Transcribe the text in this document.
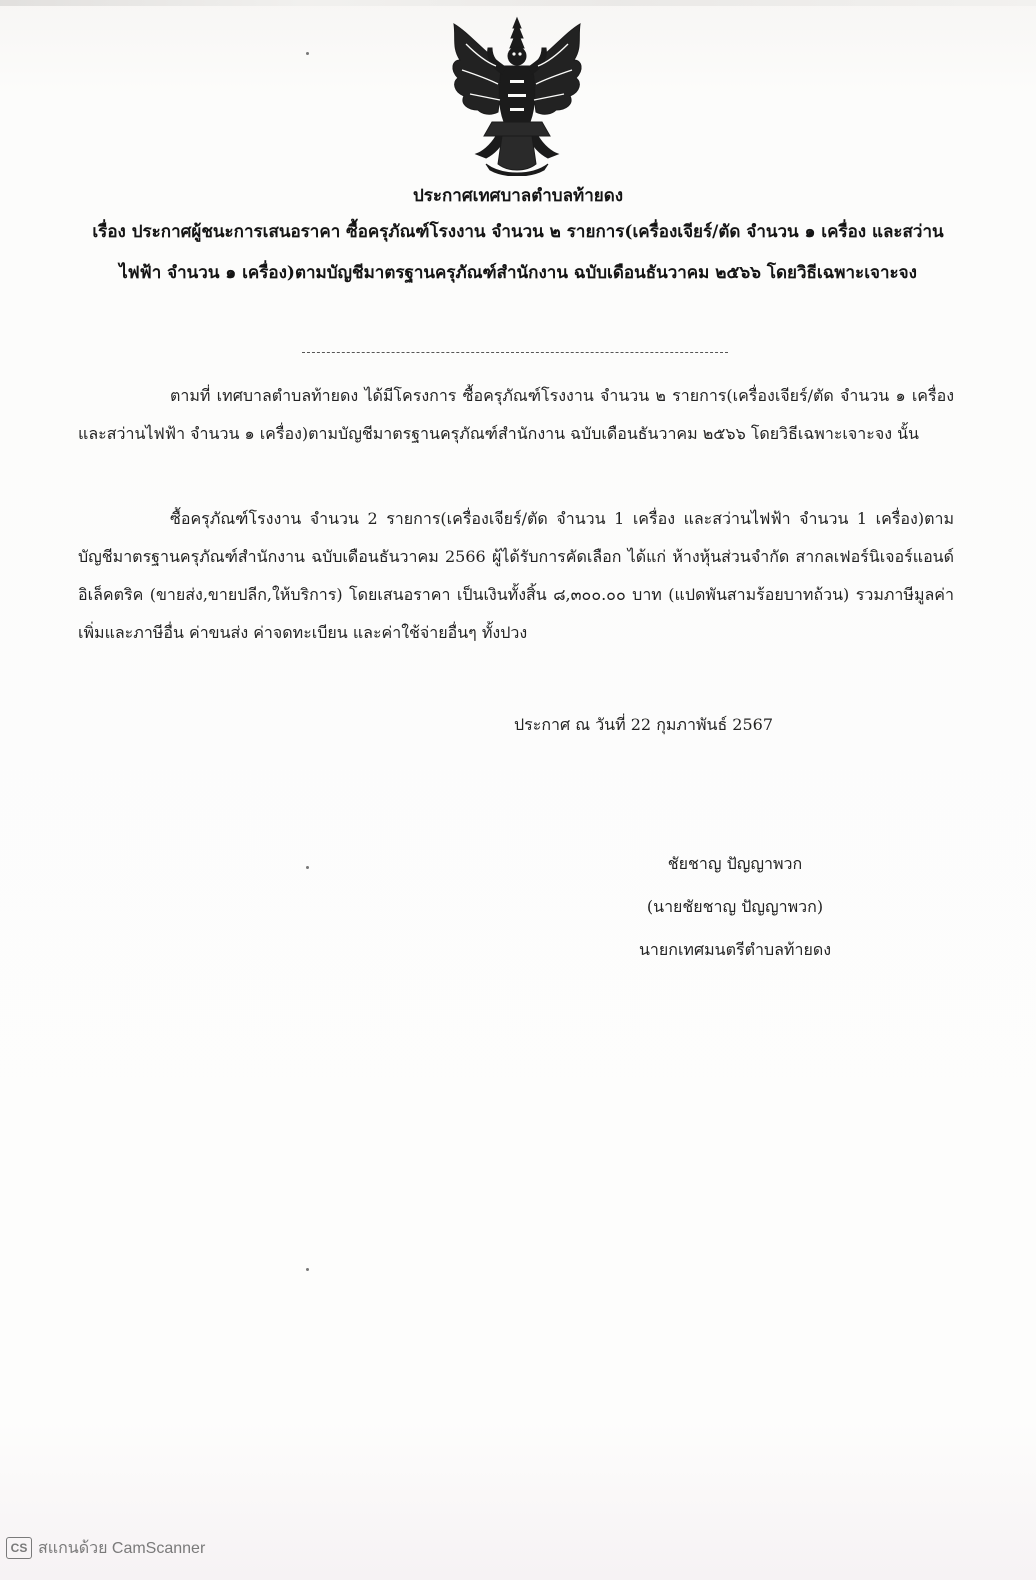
ประกาศเทศบาลตำบลท้ายดง
เรื่อง ประกาศผู้ชนะการเสนอราคา ซื้อครุภัณฑ์โรงงาน จำนวน ๒ รายการ(เครื่องเจียร์/ตัด จำนวน ๑ เครื่อง และสว่านไฟฟ้า จำนวน ๑ เครื่อง)ตามบัญชีมาตรฐานครุภัณฑ์สำนักงาน ฉบับเดือนธันวาคม ๒๕๖๖ โดยวิธีเฉพาะเจาะจง
ตามที่ เทศบาลตำบลท้ายดง ได้มีโครงการ ซื้อครุภัณฑ์โรงงาน จำนวน ๒ รายการ(เครื่องเจียร์/ตัด จำนวน ๑ เครื่อง และสว่านไฟฟ้า จำนวน ๑ เครื่อง)ตามบัญชีมาตรฐานครุภัณฑ์สำนักงาน ฉบับเดือนธันวาคม ๒๕๖๖ โดยวิธีเฉพาะเจาะจง นั้น
ซื้อครุภัณฑ์โรงงาน จำนวน 2 รายการ(เครื่องเจียร์/ตัด จำนวน 1 เครื่อง และสว่านไฟฟ้า จำนวน 1 เครื่อง)ตามบัญชีมาตรฐานครุภัณฑ์สำนักงาน ฉบับเดือนธันวาคม 2566 ผู้ได้รับการคัดเลือก ได้แก่ ห้างหุ้นส่วนจำกัด สากลเฟอร์นิเจอร์แอนด์อิเล็คตริค (ขายส่ง,ขายปลีก,ให้บริการ) โดยเสนอราคา เป็นเงินทั้งสิ้น ๘,๓๐๐.๐๐ บาท (แปดพันสามร้อยบาทถ้วน) รวมภาษีมูลค่าเพิ่มและภาษีอื่น ค่าขนส่ง ค่าจดทะเบียน และค่าใช้จ่ายอื่นๆ ทั้งปวง
ประกาศ ณ วันที่ 22 กุมภาพันธ์ 2567
ชัยชาญ ปัญญาพวก
(นายชัยชาญ ปัญญาพวก)
นายกเทศมนตรีตำบลท้ายดง
CS สแกนด้วย CamScanner
